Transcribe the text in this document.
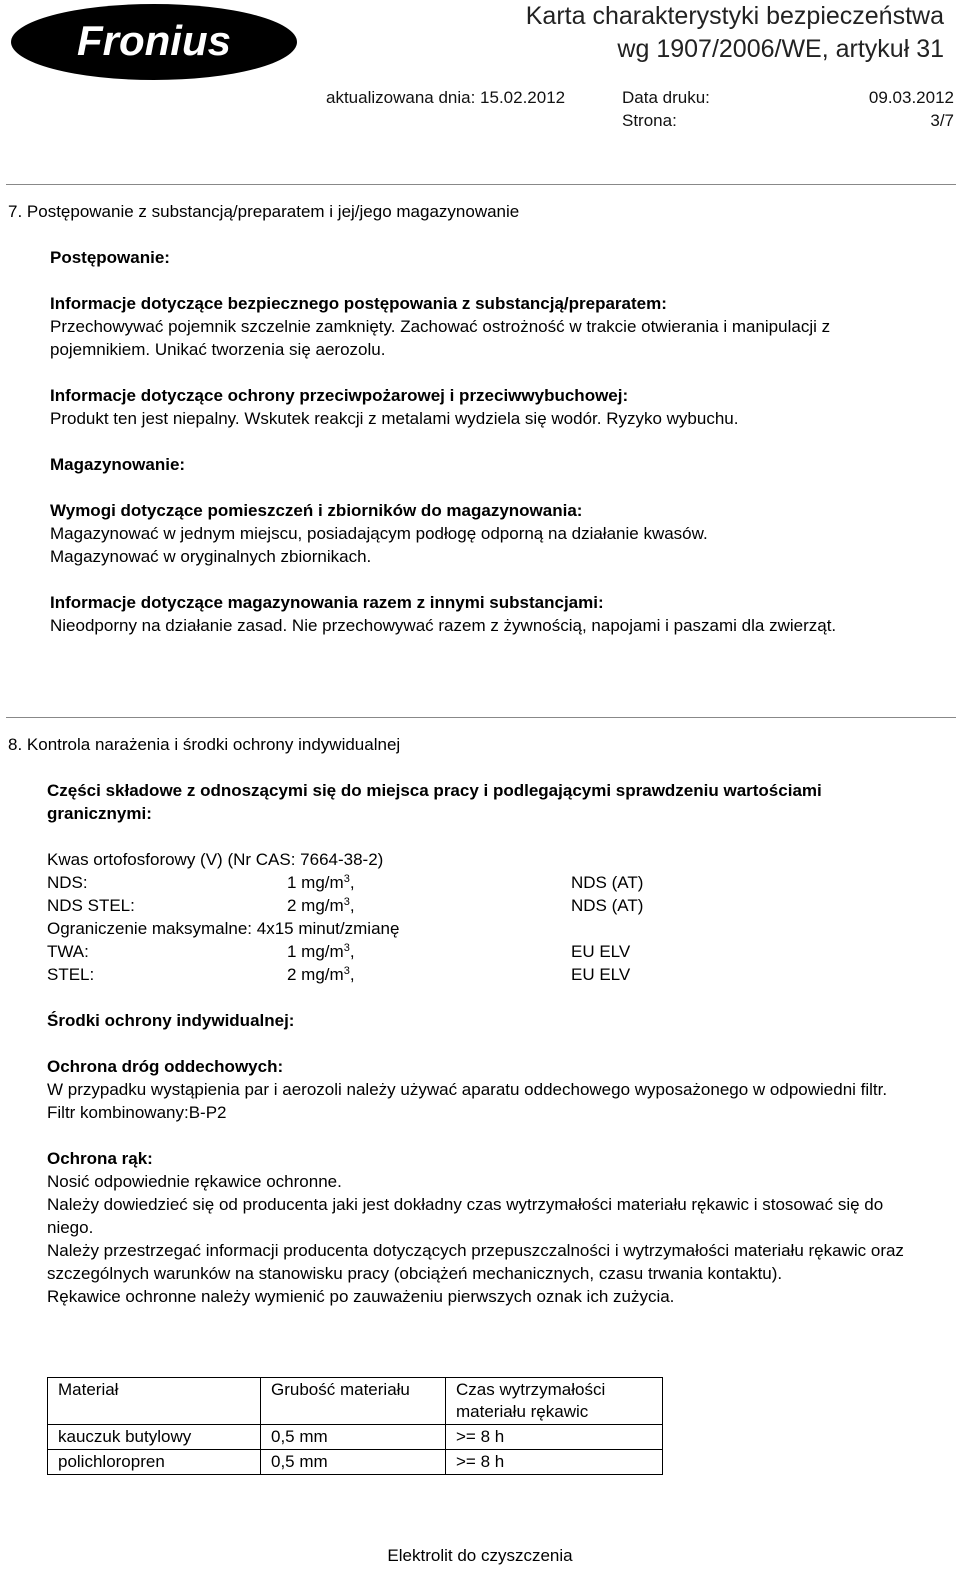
Fronius
Karta charakterystyki bezpieczeństwa
wg 1907/2006/WE, artykuł 31
aktualizowana dnia: 15.02.2012	Data druku:	09.03.2012
Strona:	3/7
7. Postępowanie z substancją/preparatem i jej/jego magazynowanie
Postępowanie:
Informacje dotyczące bezpiecznego postępowania z substancją/preparatem:
Przechowywać pojemnik szczelnie zamknięty. Zachować ostrożność w trakcie otwierania i manipulacji z pojemnikiem. Unikać tworzenia się aerozolu.
Informacje dotyczące ochrony przeciwpożarowej i przeciwwybuchowej:
Produkt ten jest niepalny. Wskutek reakcji z metalami wydziela się wodór. Ryzyko wybuchu.
Magazynowanie:
Wymogi dotyczące pomieszczeń i zbiorników do magazynowania:
Magazynować w jednym miejscu, posiadającym podłogę odporną na działanie kwasów.
Magazynować w oryginalnych zbiornikach.
Informacje dotyczące magazynowania razem z innymi substancjami:
Nieodporny na działanie zasad. Nie przechowywać razem z żywnością, napojami i paszami dla zwierząt.
8. Kontrola narażenia i środki ochrony indywidualnej
Części składowe z odnoszącymi się do miejsca pracy i podlegającymi sprawdzeniu wartościami granicznymi:
Kwas ortofosforowy (V) (Nr CAS: 7664-38-2)
NDS:	1 $mg/m^3$,	NDS (AT)
NDS STEL:	2 $mg/m^3$,	NDS (AT)
Ograniczenie maksymalne: 4x15 minut/zmianę
TWA:	1 $mg/m^3$,	EU ELV
STEL:	2 $mg/m^3$,	EU ELV
Środki ochrony indywidualnej:
Ochrona dróg oddechowych:
W przypadku wystąpienia par i aerozoli należy używać aparatu oddechowego wyposażonego w odpowiedni filtr.
Filtr kombinowany:B-P2
Ochrona rąk:
Nosić odpowiednie rękawice ochronne.
Należy dowiedzieć się od producenta jaki jest dokładny czas wytrzymałości materiału rękawic i stosować się do niego.
Należy przestrzegać informacji producenta dotyczących przepuszczalności i wytrzymałości materiału rękawic oraz szczególnych warunków na stanowisku pracy (obciążeń mechanicznych, czasu trwania kontaktu).
Rękawice ochronne należy wymienić po zauważeniu pierwszych oznak ich zużycia.
Materiał	Grubość materiału	Czas wytrzymałości materiału rękawic
kauczuk butylowy	0,5 mm	>= 8 h
polichloropren	0,5 mm	>= 8 h
Elektrolit do czyszczenia
